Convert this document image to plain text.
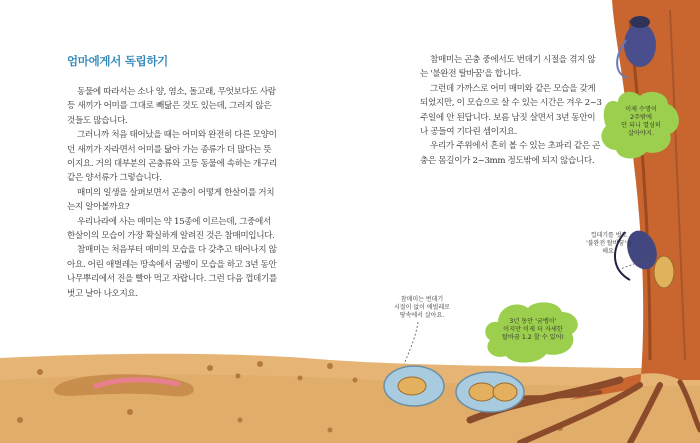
엄마에게서 독립하기

동물에 따라서는 소나 양, 염소, 돌고래, 무엇보다도 사람 등 새끼가 어미를 그대로 빼닮은 것도 있는데, 그러지 않은 것들도 많습니다.

그러니까 처음 태어났을 때는 어미와 완전히 다른 모양이던 새끼가 자라면서 어미를 닮아 가는 종류가 더 많다는 뜻이지요. 거의 대부분의 곤충류와 고등 동물에 속하는 개구리 같은 양서류가 그렇습니다.

매미의 일생을 살펴보면서 곤충이 어떻게 한살이를 거치는지 알아볼까요?

우리나라에 사는 매미는 약 15종에 이르는데, 그중에서 한살이의 모습이 가장 확실하게 알려진 것은 참매미입니다.

참매미는 처음부터 매미의 모습을 다 갖추고 태어나지 않아요. 어린 애벌레는 땅속에서 굼벵이 모습을 하고 3년 동안 나무뿌리에서 진을 빨아 먹고 자랍니다. 그런 다음 껍데기를 벗고 날아 나오지요.

참매미는 곤충 중에서도 번데기 시절을 겪지 않는 '불완전 탈바꿈'을 합니다.

그런데 가까스로 어미 매미와 같은 모습을 갖게 되었지만, 이 모습으로 살 수 있는 시간은 겨우 2~3주일에 안 된답니다. 보름 남짓 살면서 3년 동안이나 공들여 기다린 셈이지요.

우리가 주위에서 흔히 볼 수 있는 초파리 같은 곤충은 몸길이가 2~3mm 정도밖에 되지 않습니다.

이제 수명이
2주밖에
안 되니 열심히
살아야지.
껍데기를 벗고
'불완전 탈바꿈'을
해요.
참매미는 번데기
시절이 없이 애벌레로
땅속에서 살아요.
3년 동안 '굼벵이'
이지만 이제 더 자세한
탈바꿈 1.2 할 수 있어!
